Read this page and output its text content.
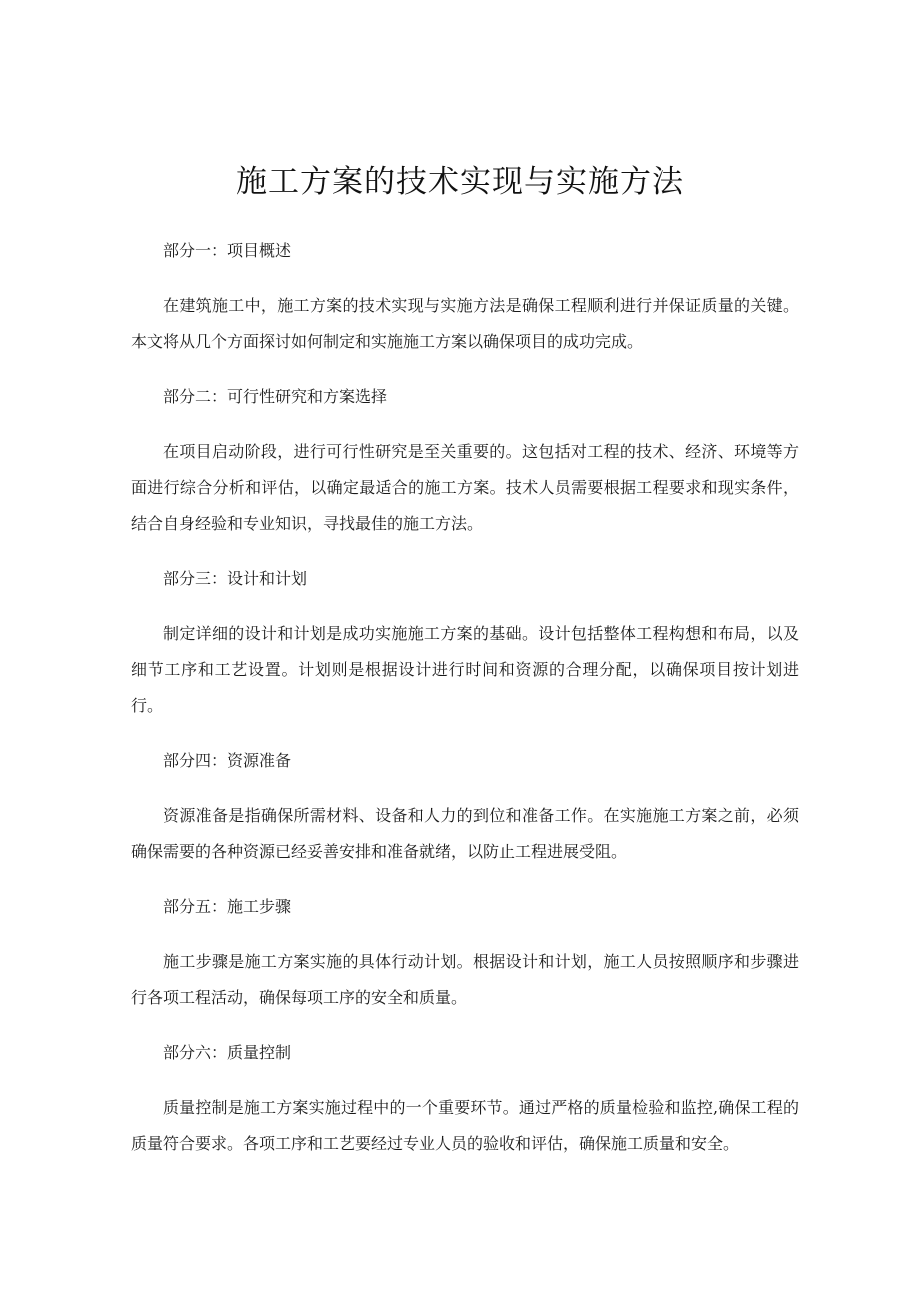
施工方案的技术实现与实施方法
部分一：项目概述

在建筑施工中，施工方案的技术实现与实施方法是确保工程顺利进行并保证质量的关键。本文将从几个方面探讨如何制定和实施施工方案以确保项目的成功完成。

部分二：可行性研究和方案选择

在项目启动阶段，进行可行性研究是至关重要的。这包括对工程的技术、经济、环境等方面进行综合分析和评估，以确定最适合的施工方案。技术人员需要根据工程要求和现实条件，结合自身经验和专业知识，寻找最佳的施工方法。

部分三：设计和计划

制定详细的设计和计划是成功实施施工方案的基础。设计包括整体工程构想和布局，以及细节工序和工艺设置。计划则是根据设计进行时间和资源的合理分配，以确保项目按计划进行。

部分四：资源准备

资源准备是指确保所需材料、设备和人力的到位和准备工作。在实施施工方案之前，必须确保需要的各种资源已经妥善安排和准备就绪，以防止工程进展受阻。

部分五：施工步骤

施工步骤是施工方案实施的具体行动计划。根据设计和计划，施工人员按照顺序和步骤进行各项工程活动，确保每项工序的安全和质量。

部分六：质量控制

质量控制是施工方案实施过程中的一个重要环节。通过严格的质量检验和监控,确保工程的质量符合要求。各项工序和工艺要经过专业人员的验收和评估，确保施工质量和安全。
